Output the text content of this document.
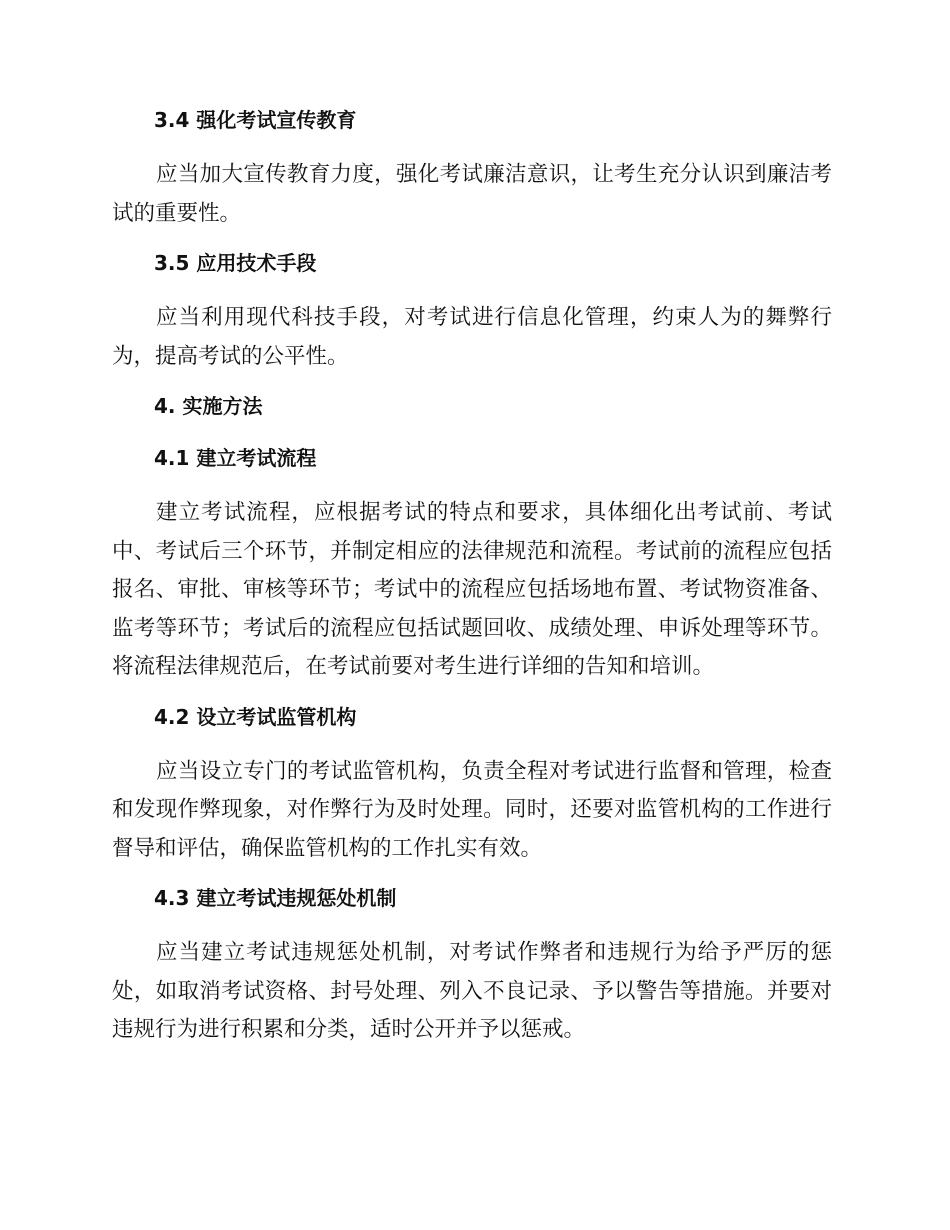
3.4 强化考试宣传教育

应当加大宣传教育力度，强化考试廉洁意识，让考生充分认识到廉洁考试的重要性。

3.5 应用技术手段

应当利用现代科技手段，对考试进行信息化管理，约束人为的舞弊行为，提高考试的公平性。

4. 实施方法
4.1 建立考试流程

建立考试流程，应根据考试的特点和要求，具体细化出考试前、考试中、考试后三个环节，并制定相应的法律规范和流程。考试前的流程应包括报名、审批、审核等环节；考试中的流程应包括场地布置、考试物资准备、监考等环节；考试后的流程应包括试题回收、成绩处理、申诉处理等环节。将流程法律规范后，在考试前要对考生进行详细的告知和培训。

4.2 设立考试监管机构

应当设立专门的考试监管机构，负责全程对考试进行监督和管理，检查和发现作弊现象，对作弊行为及时处理。同时，还要对监管机构的工作进行督导和评估，确保监管机构的工作扎实有效。

4.3 建立考试违规惩处机制

应当建立考试违规惩处机制，对考试作弊者和违规行为给予严厉的惩处，如取消考试资格、封号处理、列入不良记录、予以警告等措施。并要对违规行为进行积累和分类，适时公开并予以惩戒。
